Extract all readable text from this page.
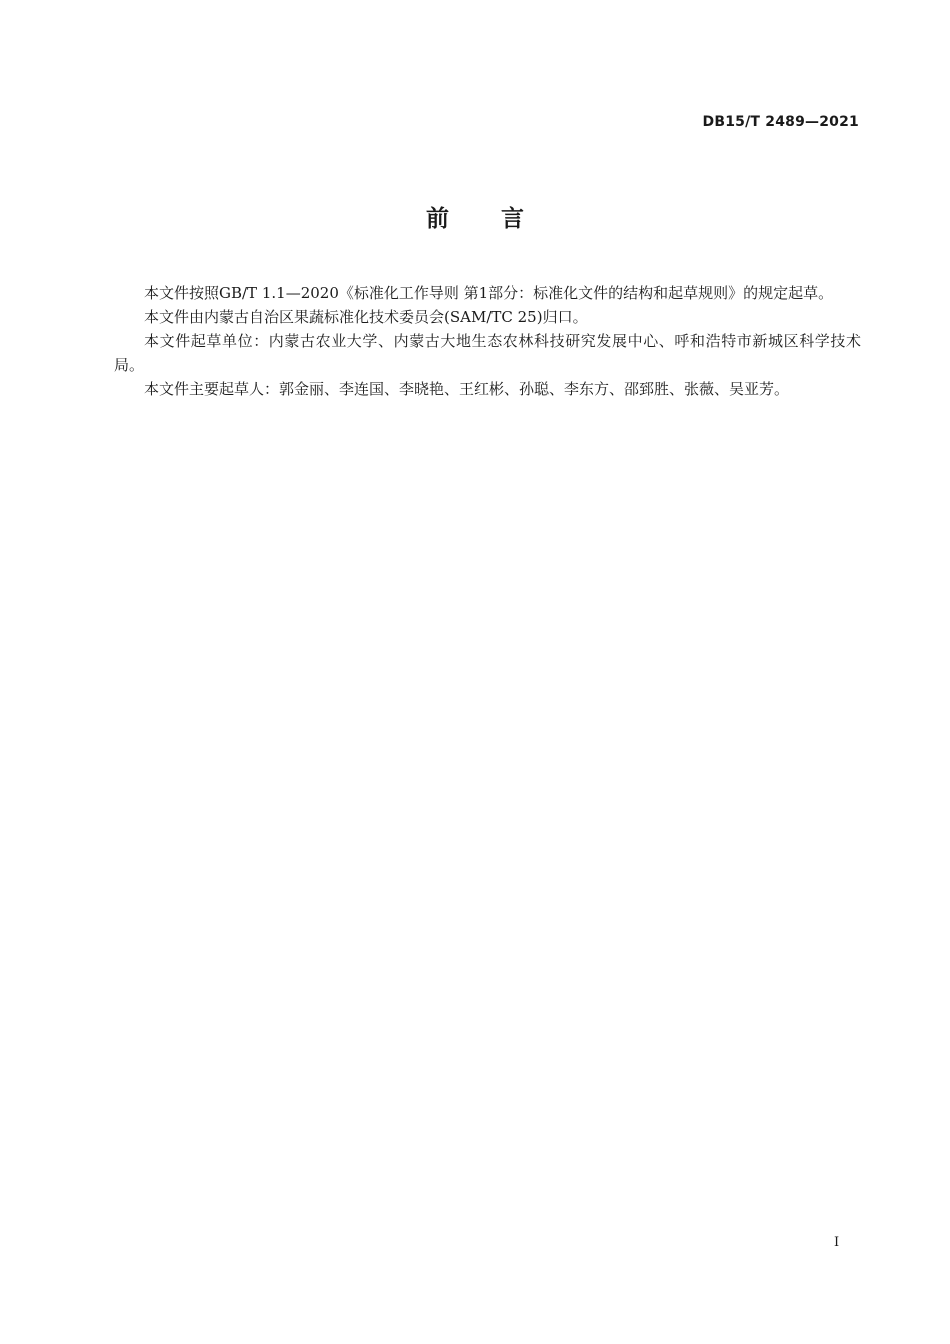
DB15/T 2489—2021
前言

本文件按照GB/T 1.1—2020《标准化工作导则 第1部分：标准化文件的结构和起草规则》的规定起草。

本文件由内蒙古自治区果蔬标准化技术委员会(SAM/TC 25)归口。

本文件起草单位：内蒙古农业大学、内蒙古大地生态农林科技研究发展中心、呼和浩特市新城区科学技术局。

本文件主要起草人：郭金丽、李连国、李晓艳、王红彬、孙聪、李东方、邵郅胜、张薇、吴亚芳。

I
